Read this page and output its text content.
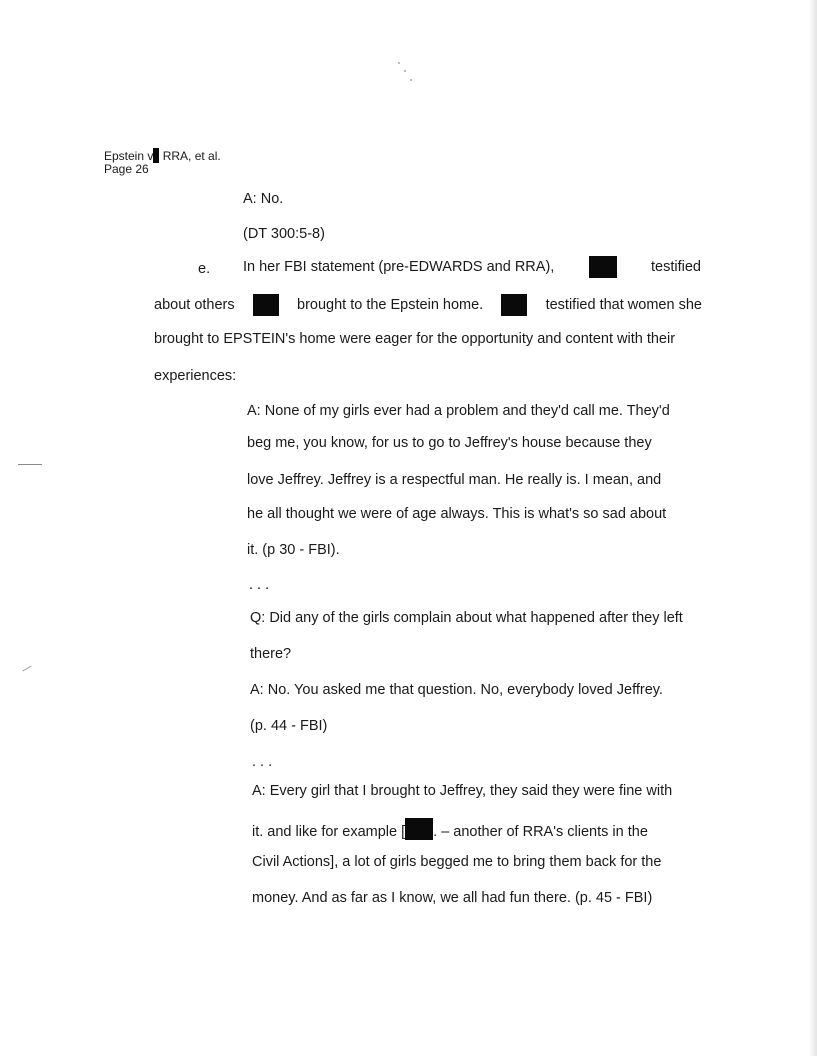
Epstein v RRA, et al.
Page 26
A: No.
(DT 300:5-8)
e. In her FBI statement (pre-EDWARDS and RRA),	testified
about others	brought to the Epstein home.	testified that women she
brought to EPSTEIN's home were eager for the opportunity and content with their
experiences:
A: None of my girls ever had a problem and they'd call me. They'd
beg me, you know, for us to go to Jeffrey's house because they
love Jeffrey. Jeffrey is a respectful man. He really is. I mean, and
he all thought we were of age always. This is what's so sad about
it. (p 30 - FBI).
. . .
Q: Did any of the girls complain about what happened after they left
there?
A: No. You asked me that question. No, everybody loved Jeffrey.
(p. 44 - FBI)
. . .
A: Every girl that I brought to Jeffrey, they said they were fine with
it. and like for example [ . – another of RRA's clients in the
Civil Actions], a lot of girls begged me to bring them back for the
money. And as far as I know, we all had fun there. (p. 45 - FBI)
